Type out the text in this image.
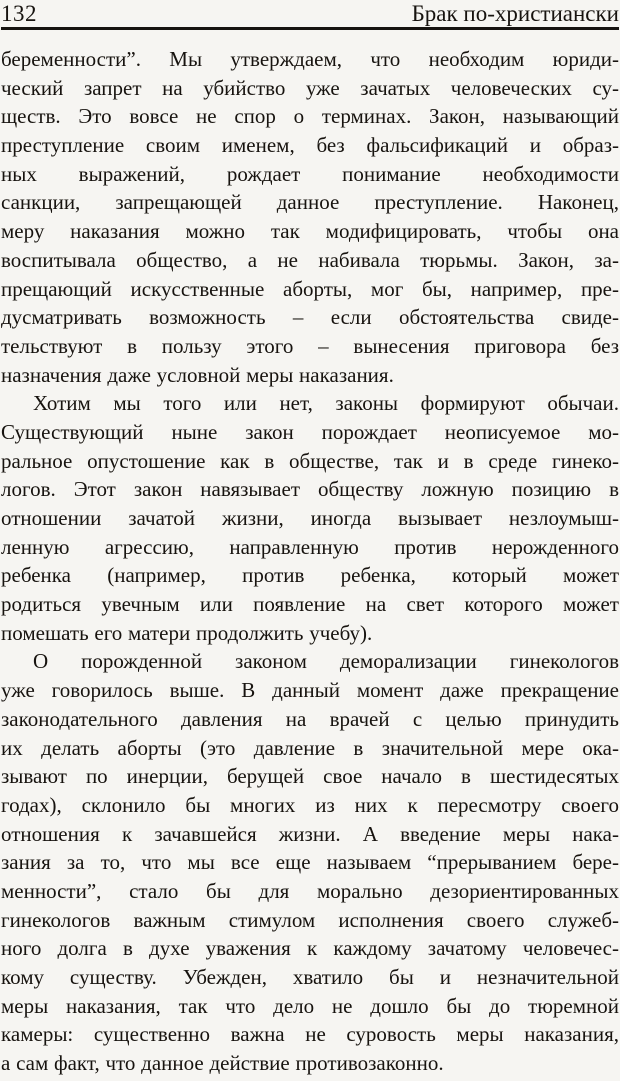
132	Брак по-христиански
беременности”. Мы утверждаем, что необходим юриди-
ческий запрет на убийство уже зачатых человеческих су-
ществ. Это вовсе не спор о терминах. Закон, называющий
преступление своим именем, без фальсификаций и образ-
ных выражений, рождает понимание необходимости
санкции, запрещающей данное преступление. Наконец,
меру наказания можно так модифицировать, чтобы она
воспитывала общество, а не набивала тюрьмы. Закон, за-
прещающий искусственные аборты, мог бы, например, пре-
дусматривать возможность – если обстоятельства свиде-
тельствуют в пользу этого – вынесения приговора без
назначения даже условной меры наказания.
Хотим мы того или нет, законы формируют обычаи.
Существующий ныне закон порождает неописуемое мо-
ральное опустошение как в обществе, так и в среде гинеко-
логов. Этот закон навязывает обществу ложную позицию в
отношении зачатой жизни, иногда вызывает незлоумыш-
ленную агрессию, направленную против нерожденного
ребенка (например, против ребенка, который может
родиться увечным или появление на свет которого может
помешать его матери продолжить учебу).
О порожденной законом деморализации гинекологов
уже говорилось выше. В данный момент даже прекращение
законодательного давления на врачей с целью принудить
их делать аборты (это давление в значительной мере ока-
зывают по инерции, берущей свое начало в шестидесятых
годах), склонило бы многих из них к пересмотру своего
отношения к зачавшейся жизни. А введение меры нака-
зания за то, что мы все еще называем “прерыванием бере-
менности”, стало бы для морально дезориентированных
гинекологов важным стимулом исполнения своего служеб-
ного долга в духе уважения к каждому зачатому человечес-
кому существу. Убежден, хватило бы и незначительной
меры наказания, так что дело не дошло бы до тюремной
камеры: существенно важна не суровость меры наказания,
а сам факт, что данное действие противозаконно.
